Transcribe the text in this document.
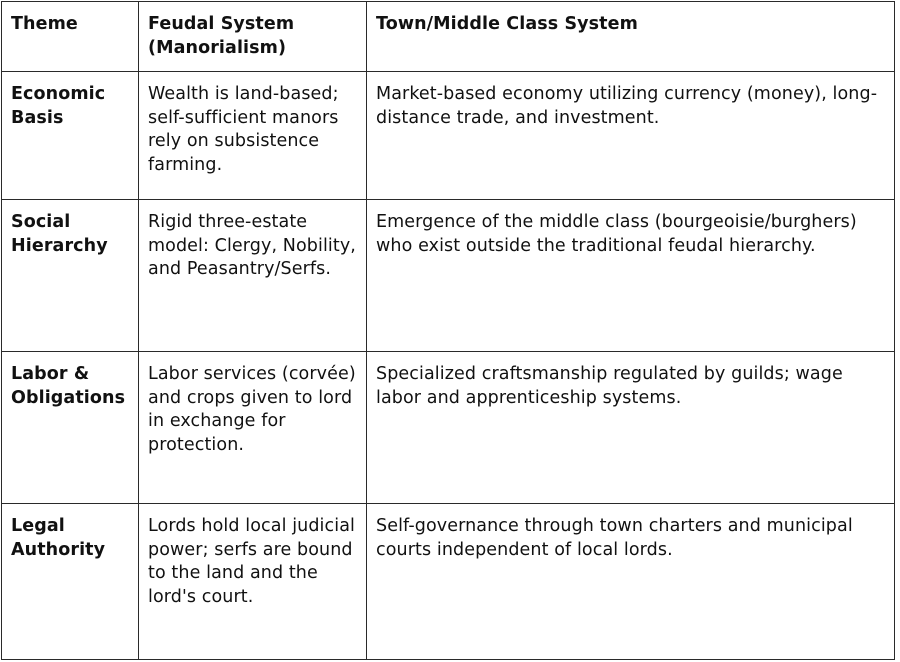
Theme	Feudal System (Manorialism)	Town/Middle Class System
Economic Basis	Wealth is land-based; self-sufficient manors rely on subsistence farming.	Market-based economy utilizing currency (money), long-distance trade, and investment.
Social Hierarchy	Rigid three-estate model: Clergy, Nobility, and Peasantry/Serfs.	Emergence of the middle class (bourgeoisie/burghers) who exist outside the traditional feudal hierarchy.
Labor & Obligations	Labor services (corvée) and crops given to lord in exchange for protection.	Specialized craftsmanship regulated by guilds; wage labor and apprenticeship systems.
Legal Authority	Lords hold local judicial power; serfs are bound to the land and the lord's court.	Self-governance through town charters and municipal courts independent of local lords.
